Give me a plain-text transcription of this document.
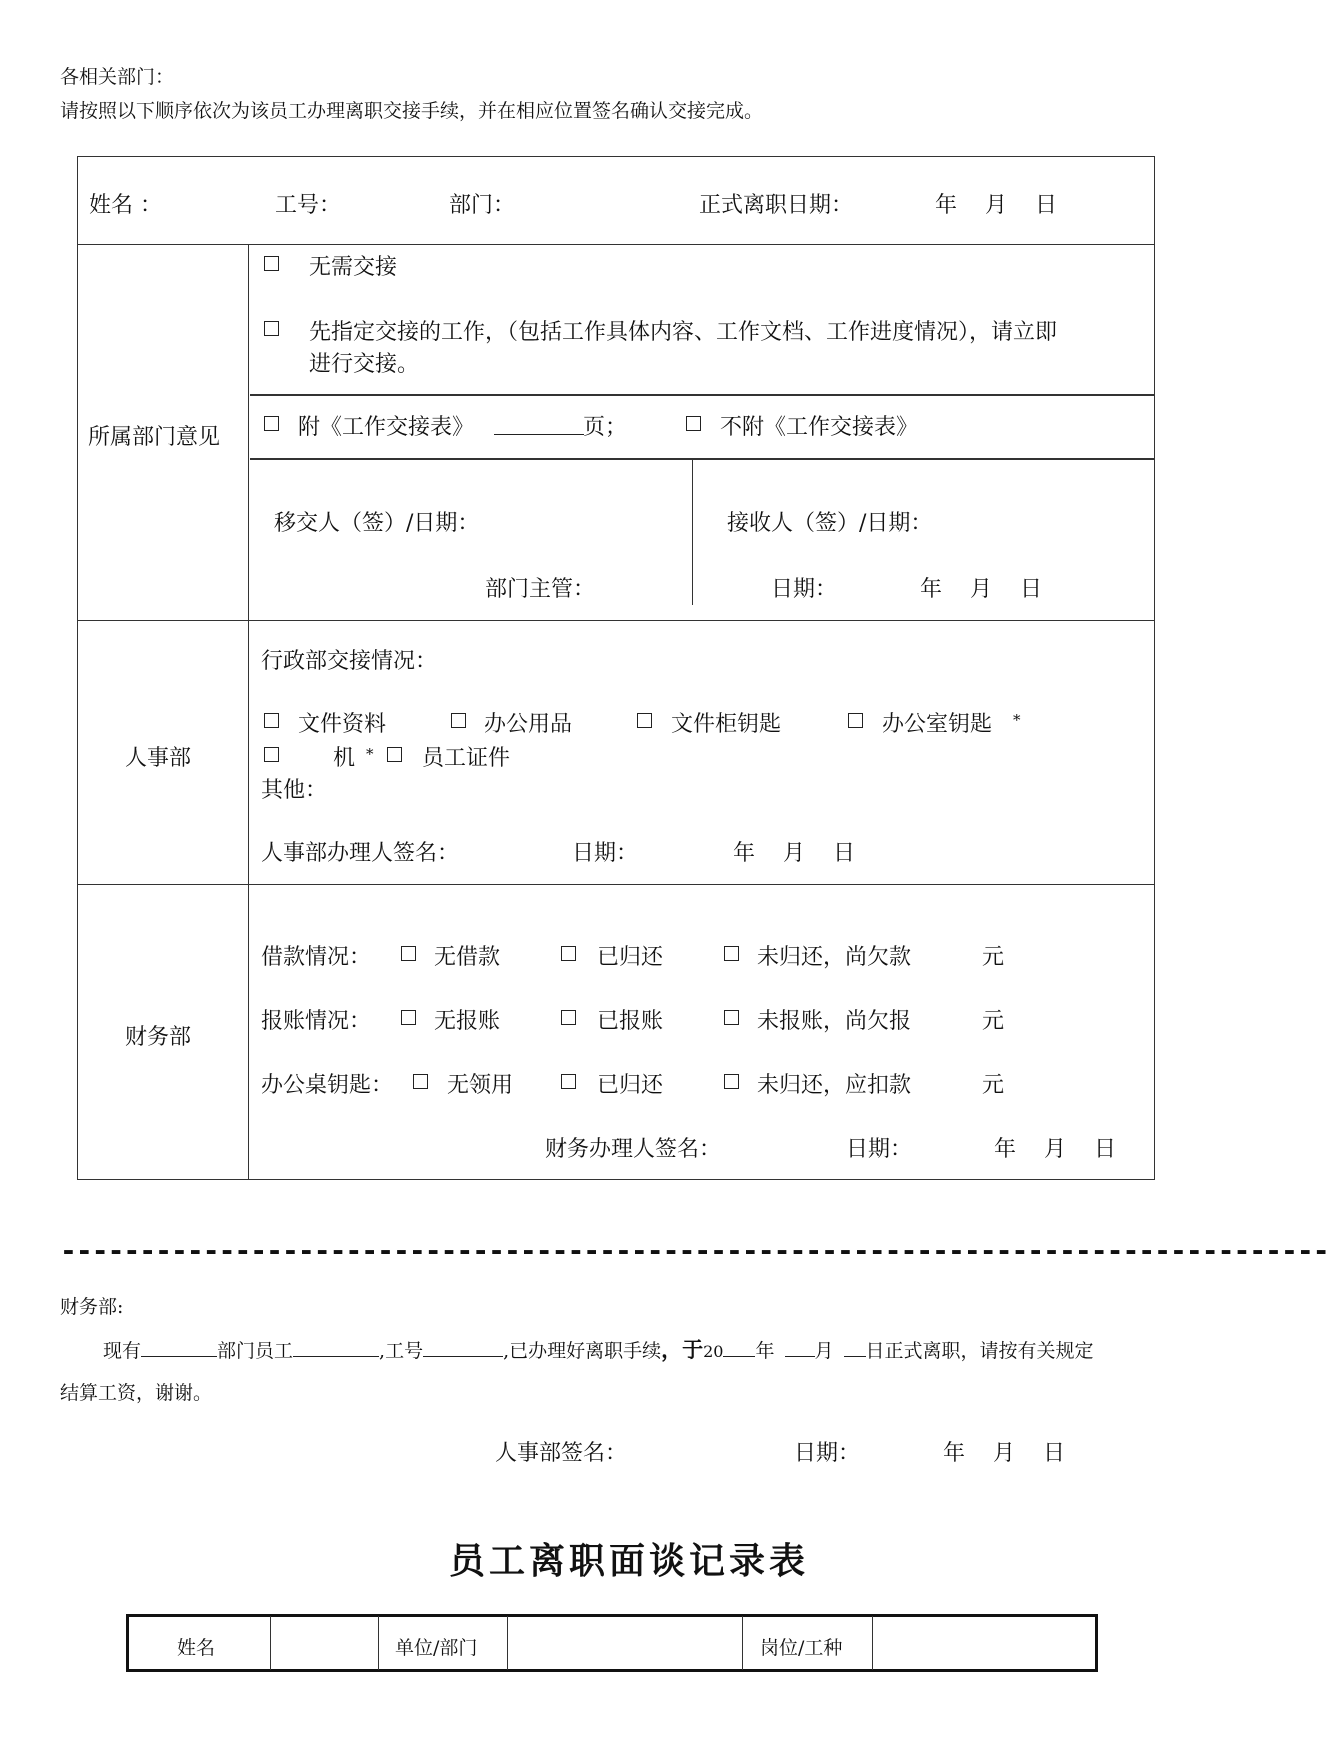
各相关部门：
请按照以下顺序依次为该员工办理离职交接手续，并在相应位置签名确认交接完成。
姓名 ：	工号：	部门：	正式离职日期：	年 月 日
所属部门意见
无需交接
先指定交接的工作，（包括工作具体内容、工作文档、工作进度情况），请立即
进行交接。
附《工作交接表》	页；	不附《工作交接表》
移交人（签）/日期：	接收人（签）/日期：
部门主管：	日期：	年 月 日
人事部
行政部交接情况：
文件资料	办公用品	文件柜钥匙	办公室钥匙 *
机 * 员工证件
其他：
人事部办理人签名：	日期：	年 月 日
财务部
借款情况：	无借款	已归还	未归还，尚欠款	元
报账情况：	无报账	已报账	未报账，尚欠报	元
办公桌钥匙： 无领用	已归还	未归还，应扣款	元
财务办理人签名：	日期：	年 月 日
--------------------------------------------------------------------------------
财务部:
现有	部门员工	,工号	,已办理好离职手续，于20 年 月 日正式离职，请按有关规定
结算工资，谢谢。
人事部签名：	日期：	年 月 日
员工离职面谈记录表
姓名	单位/部门	岗位/工种
